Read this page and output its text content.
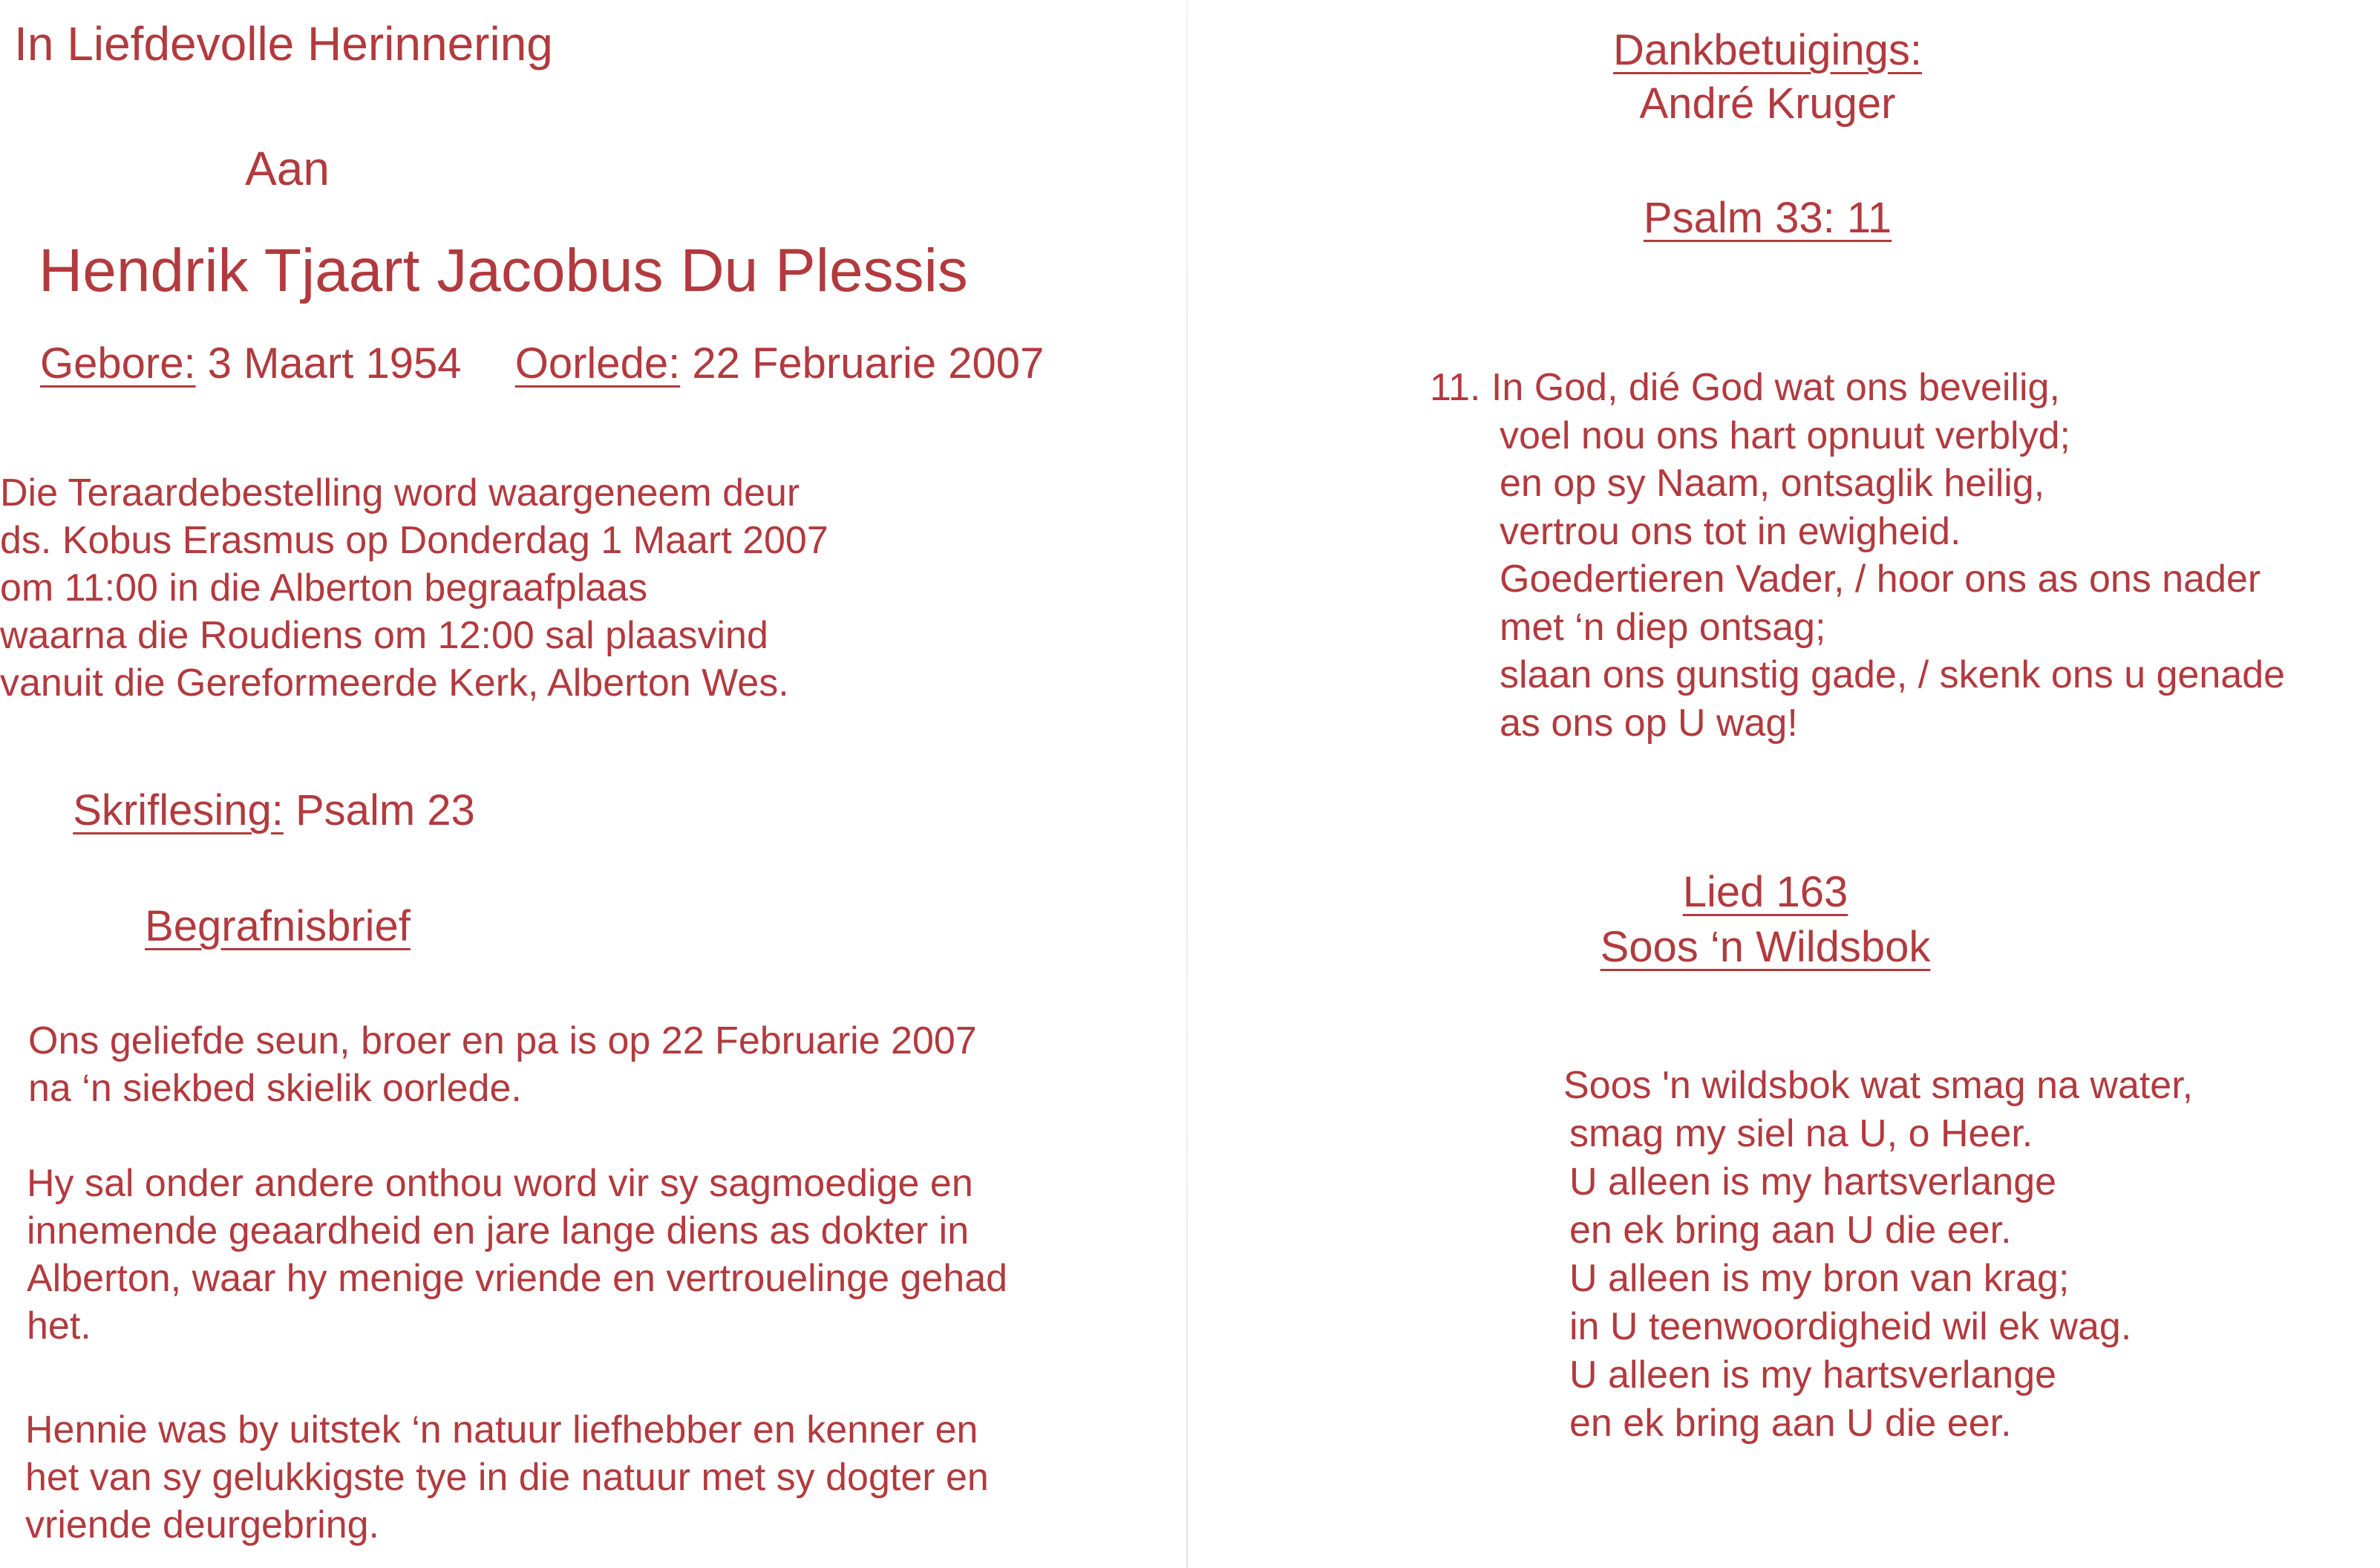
In Liefdevolle Herinnering
Aan
Hendrik Tjaart Jacobus Du Plessis
Gebore: 3 Maart 1954 Oorlede: 22 Februarie 2007
Die Teraardebestelling word waargeneem deur
ds. Kobus Erasmus op Donderdag 1 Maart 2007
om 11:00 in die Alberton begraafplaas
waarna die Roudiens om 12:00 sal plaasvind
vanuit die Gereformeerde Kerk, Alberton Wes.
Skriflesing: Psalm 23
Begrafnisbrief
Ons geliefde seun, broer en pa is op 22 Februarie 2007
na ‘n siekbed skielik oorlede.
Hy sal onder andere onthou word vir sy sagmoedige en
innemende geaardheid en jare lange diens as dokter in
Alberton, waar hy menige vriende en vertrouelinge gehad
het.
Hennie was by uitstek ‘n natuur liefhebber en kenner en
het van sy gelukkigste tye in die natuur met sy dogter en
vriende deurgebring.
Dankbetuigings:
André Kruger
Psalm 33: 11
11. In God, dié God wat ons beveilig,
voel nou ons hart opnuut verblyd;
en op sy Naam, ontsaglik heilig,
vertrou ons tot in ewigheid.
Goedertieren Vader, / hoor ons as ons nader
met ‘n diep ontsag;
slaan ons gunstig gade, / skenk ons u genade
as ons op U wag!
Lied 163
Soos ‘n Wildsbok
Soos 'n wildsbok wat smag na water,
smag my siel na U, o Heer.
U alleen is my hartsverlange
en ek bring aan U die eer.
U alleen is my bron van krag;
in U teenwoordigheid wil ek wag.
U alleen is my hartsverlange
en ek bring aan U die eer.
